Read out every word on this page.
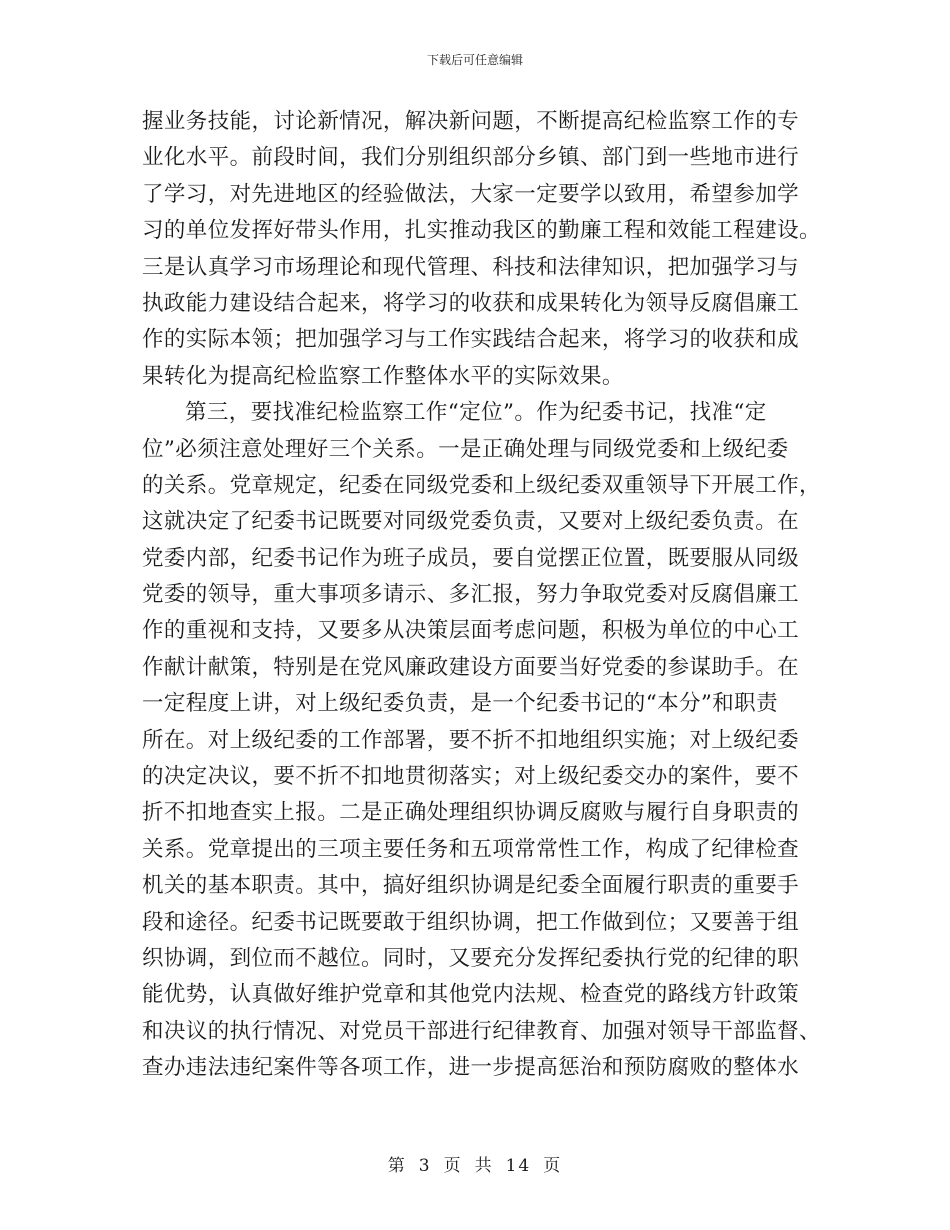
下载后可任意编辑
握业务技能，讨论新情况，解决新问题，不断提高纪检监察工作的专
业化水平。前段时间，我们分别组织部分乡镇、部门到一些地市进行
了学习，对先进地区的经验做法，大家一定要学以致用，希望参加学
习的单位发挥好带头作用，扎实推动我区的勤廉工程和效能工程建设。
三是认真学习市场理论和现代管理、科技和法律知识，把加强学习与
执政能力建设结合起来，将学习的收获和成果转化为领导反腐倡廉工
作的实际本领；把加强学习与工作实践结合起来，将学习的收获和成
果转化为提高纪检监察工作整体水平的实际效果。
第三，要找准纪检监察工作“定位”。作为纪委书记，找准“定
位”必须注意处理好三个关系。一是正确处理与同级党委和上级纪委
的关系。党章规定，纪委在同级党委和上级纪委双重领导下开展工作，
这就决定了纪委书记既要对同级党委负责，又要对上级纪委负责。在
党委内部，纪委书记作为班子成员，要自觉摆正位置，既要服从同级
党委的领导，重大事项多请示、多汇报，努力争取党委对反腐倡廉工
作的重视和支持，又要多从决策层面考虑问题，积极为单位的中心工
作献计献策，特别是在党风廉政建设方面要当好党委的参谋助手。在
一定程度上讲，对上级纪委负责，是一个纪委书记的“本分”和职责
所在。对上级纪委的工作部署，要不折不扣地组织实施；对上级纪委
的决定决议，要不折不扣地贯彻落实；对上级纪委交办的案件，要不
折不扣地查实上报。二是正确处理组织协调反腐败与履行自身职责的
关系。党章提出的三项主要任务和五项常常性工作，构成了纪律检查
机关的基本职责。其中，搞好组织协调是纪委全面履行职责的重要手
段和途径。纪委书记既要敢于组织协调，把工作做到位；又要善于组
织协调，到位而不越位。同时，又要充分发挥纪委执行党的纪律的职
能优势，认真做好维护党章和其他党内法规、检查党的路线方针政策
和决议的执行情况、对党员干部进行纪律教育、加强对领导干部监督、
查办违法违纪案件等各项工作，进一步提高惩治和预防腐败的整体水
第 3 页 共 14 页
